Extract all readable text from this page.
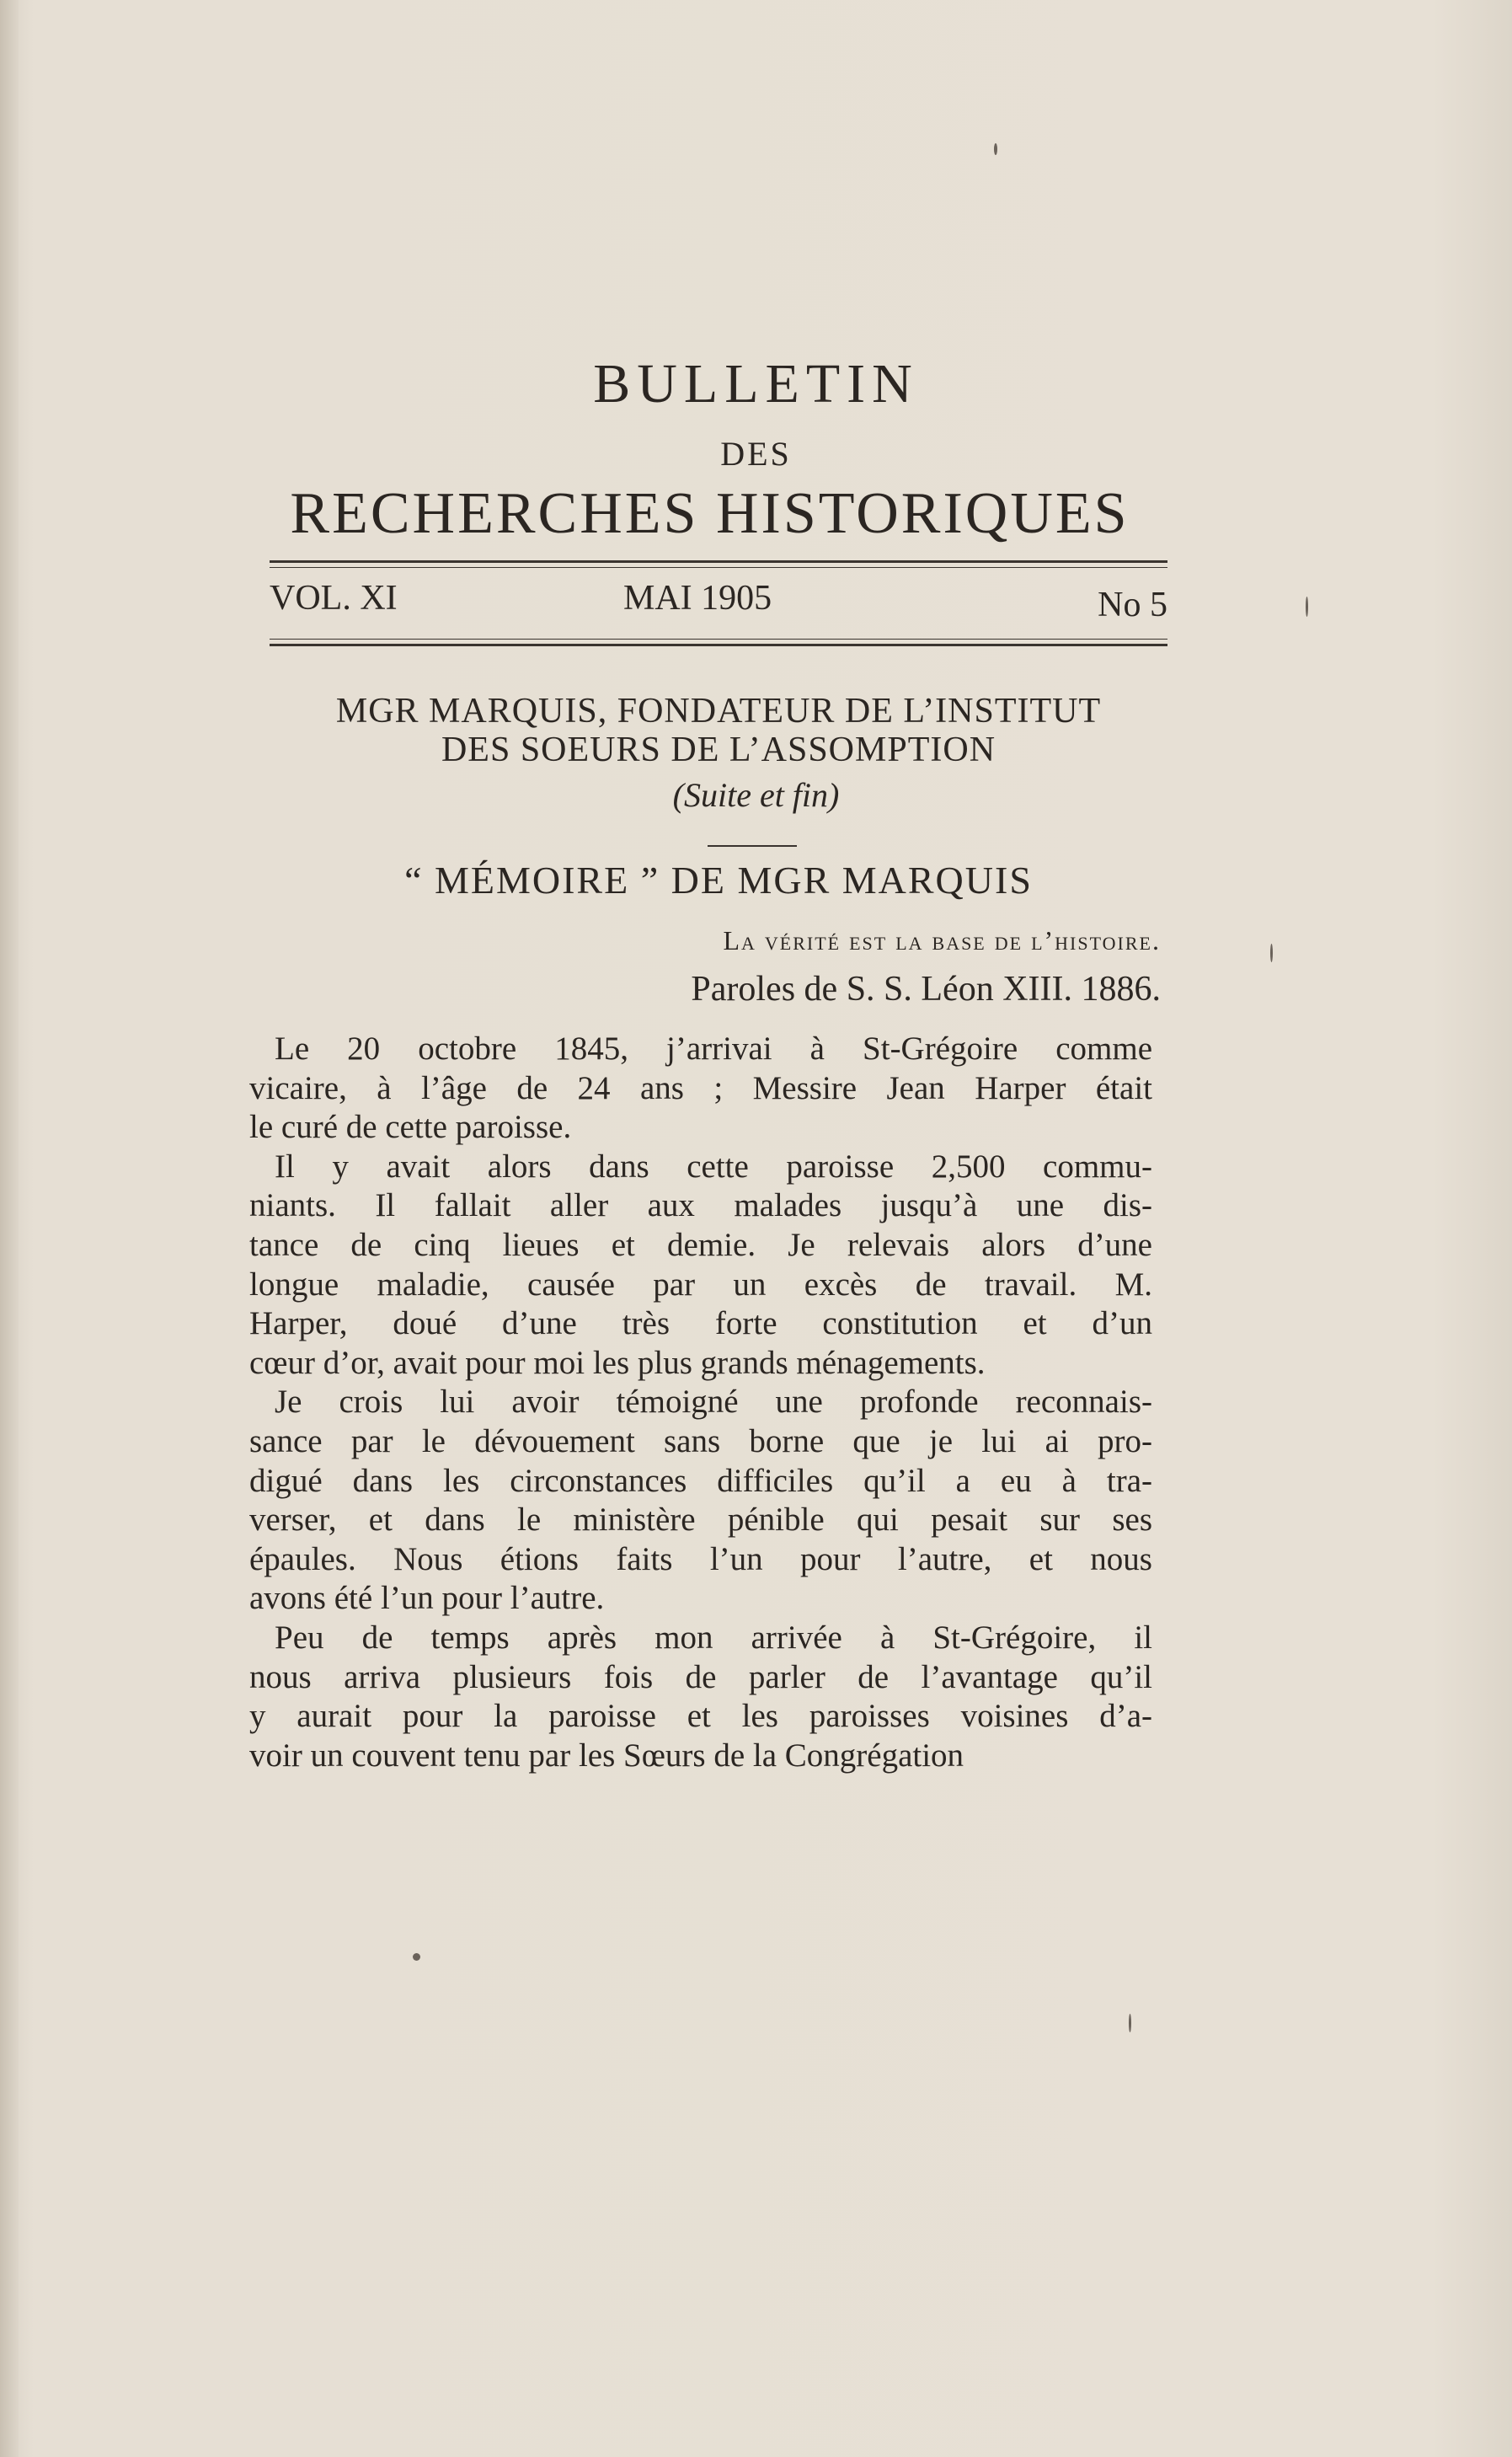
BULLETIN
DES
RECHERCHES HISTORIQUES
VOL. XI	MAI 1905	No 5
MGR MARQUIS, FONDATEUR DE L’INSTITUT
DES SOEURS DE L’ASSOMPTION
(Suite et fin)
“ MÉMOIRE ” DE MGR MARQUIS
La vérité est la base de l’histoire.
Paroles de S. S. Léon XIII. 1886.

Le 20 octobre 1845, j’arrivai à St-Grégoire comme
vicaire, à l’âge de 24 ans ; Messire Jean Harper était
le curé de cette paroisse.

Il y avait alors dans cette paroisse 2,500 commu-
niants. Il fallait aller aux malades jusqu’à une dis-
tance de cinq lieues et demie. Je relevais alors d’une
longue maladie, causée par un excès de travail. M.
Harper, doué d’une très forte constitution et d’un
cœur d’or, avait pour moi les plus grands ménagements.

Je crois lui avoir témoigné une profonde reconnais-
sance par le dévouement sans borne que je lui ai pro-
digué dans les circonstances difficiles qu’il a eu à tra-
verser, et dans le ministère pénible qui pesait sur ses
épaules. Nous étions faits l’un pour l’autre, et nous
avons été l’un pour l’autre.

Peu de temps après mon arrivée à St-Grégoire, il
nous arriva plusieurs fois de parler de l’avantage qu’il
y aurait pour la paroisse et les paroisses voisines d’a-
voir un couvent tenu par les Sœurs de la Congrégation
